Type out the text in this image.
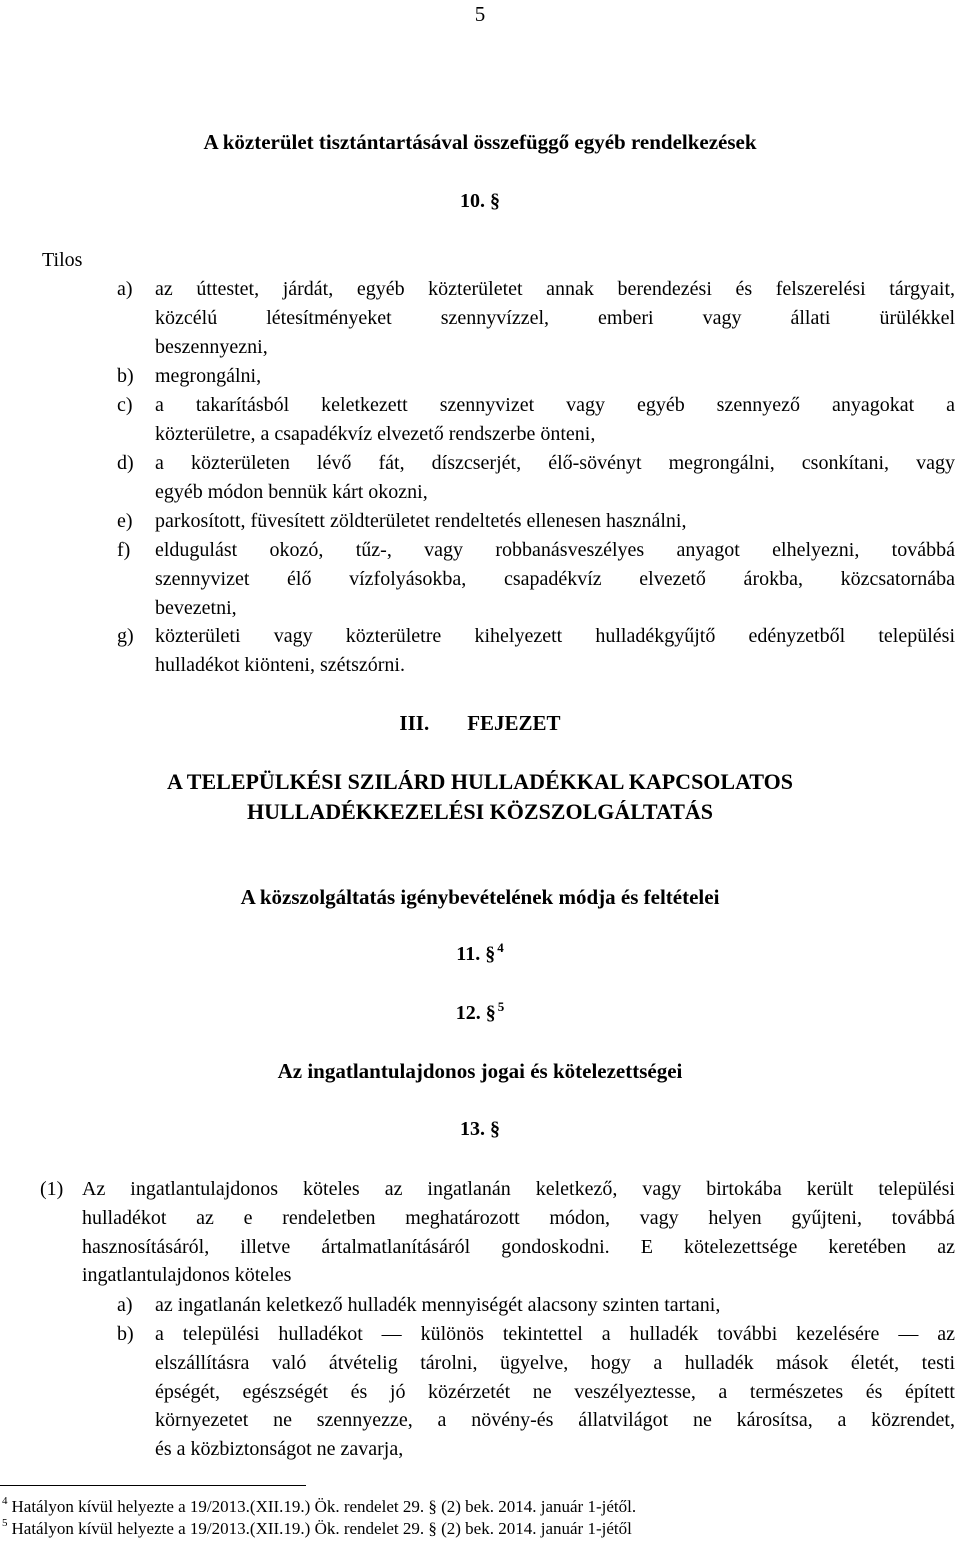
5
A közterület tisztántartásával összefüggő egyéb rendelkezések
10. §
Tilos
a) az úttestet, járdát, egyéb közterületet annak berendezési és felszerelési tárgyait,
közcélú létesítményeket szennyvízzel, emberi vagy állati ürülékkel
beszennyezni,
b) megrongálni,
c) a takarításból keletkezett szennyvizet vagy egyéb szennyező anyagokat a
közterületre, a csapadékvíz elvezető rendszerbe önteni,
d) a közterületen lévő fát, díszcserjét, élő-sövényt megrongálni, csonkítani, vagy
egyéb módon bennük kárt okozni,
e) parkosított, füvesített zöldterületet rendeltetés ellenesen használni,
f) eldugulást okozó, tűz-, vagy robbanásveszélyes anyagot elhelyezni, továbbá
szennyvizet élő vízfolyásokba, csapadékvíz elvezető árokba, közcsatornába
bevezetni,
g) közterületi vagy közterületre kihelyezett hulladékgyűjtő edényzetből települési
hulladékot kiönteni, szétszórni.
III. FEJEZET
A TELEPÜLKÉSI SZILÁRD HULLADÉKKAL KAPCSOLATOS
HULLADÉKKEZELÉSI KÖZSZOLGÁLTATÁS
A közszolgáltatás igénybevételének módja és feltételei
11. § $^4$
12. § $^5$
Az ingatlantulajdonos jogai és kötelezettségei
13. §
(1) Az ingatlantulajdonos köteles az ingatlanán keletkező, vagy birtokába került települési
hulladékot az e rendeletben meghatározott módon, vagy helyen gyűjteni, továbbá
hasznosításáról, illetve ártalmatlanításáról gondoskodni. E kötelezettsége keretében az
ingatlantulajdonos köteles
a) az ingatlanán keletkező hulladék mennyiségét alacsony szinten tartani,
b) a települési hulladékot ― különös tekintettel a hulladék további kezelésére ― az
elszállításra való átvételig tárolni, ügyelve, hogy a hulladék mások életét, testi
épségét, egészségét és jó közérzetét ne veszélyeztesse, a természetes és épített
környezetet ne szennyezze, a növény-és állatvilágot ne károsítsa, a közrendet,
és a közbiztonságot ne zavarja,
$^4$ Hatályon kívül helyezte a 19/2013.(XII.19.) Ök. rendelet 29. § (2) bek. 2014. január 1-jétől.
$^5$ Hatályon kívül helyezte a 19/2013.(XII.19.) Ök. rendelet 29. § (2) bek. 2014. január 1-jétől
